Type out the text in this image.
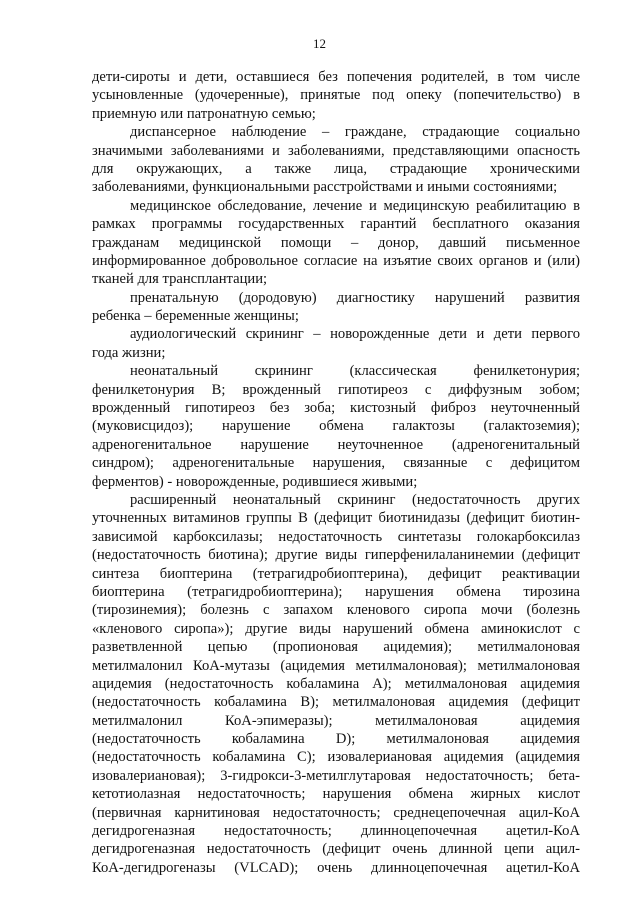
12
дети-сироты и дети, оставшиеся без попечения родителей, в том числе
усыновленные (удочеренные), принятые под опеку (попечительство) в
приемную или патронатную семью;
диспансерное наблюдение – граждане, страдающие социально
значимыми заболеваниями и заболеваниями, представляющими опасность
для окружающих, а также лица, страдающие хроническими
заболеваниями, функциональными расстройствами и иными состояниями;
медицинское обследование, лечение и медицинскую реабилитацию в
рамках программы государственных гарантий бесплатного оказания
гражданам медицинской помощи – донор, давший письменное
информированное добровольное согласие на изъятие своих органов и (или)
тканей для трансплантации;
пренатальную (дородовую) диагностику нарушений развития
ребенка – беременные женщины;
аудиологический скрининг – новорожденные дети и дети первого
года жизни;
неонатальный скрининг (классическая фенилкетонурия;
фенилкетонурия В; врожденный гипотиреоз с диффузным зобом;
врожденный гипотиреоз без зоба; кистозный фиброз неуточненный
(муковисцидоз); нарушение обмена галактозы (галактоземия);
адреногенитальное нарушение неуточненное (адреногенитальный
синдром); адреногенитальные нарушения, связанные с дефицитом
ферментов) - новорожденные, родившиеся живыми;
расширенный неонатальный скрининг (недостаточность других
уточненных витаминов группы В (дефицит биотинидазы (дефицит биотин-
зависимой карбоксилазы; недостаточность синтетазы голокарбоксилаз
(недостаточность биотина); другие виды гиперфенилаланинемии (дефицит
синтеза биоптерина (тетрагидробиоптерина), дефицит реактивации
биоптерина (тетрагидробиоптерина); нарушения обмена тирозина
(тирозинемия); болезнь с запахом кленового сиропа мочи (болезнь
«кленового сиропа»); другие виды нарушений обмена аминокислот с
разветвленной цепью (пропионовая ацидемия); метилмалоновая
метилмалонил КоА-мутазы (ацидемия метилмалоновая); метилмалоновая
ацидемия (недостаточность кобаламина А); метилмалоновая ацидемия
(недостаточность кобаламина В); метилмалоновая ацидемия (дефицит
метилмалонил КоА-эпимеразы); метилмалоновая ацидемия
(недостаточность кобаламина D); метилмалоновая ацидемия
(недостаточность кобаламина С); изовалериановая ацидемия (ацидемия
изовалериановая); 3-гидрокси-3-метилглутаровая недостаточность; бета-
кетотиолазная недостаточность; нарушения обмена жирных кислот
(первичная карнитиновая недостаточность; среднецепочечная ацил-КоА
дегидрогеназная недостаточность; длинноцепочечная ацетил-КоА
дегидрогеназная недостаточность (дефицит очень длинной цепи ацил-
КоА-дегидрогеназы (VLCAD); очень длинноцепочечная ацетил-КоА
